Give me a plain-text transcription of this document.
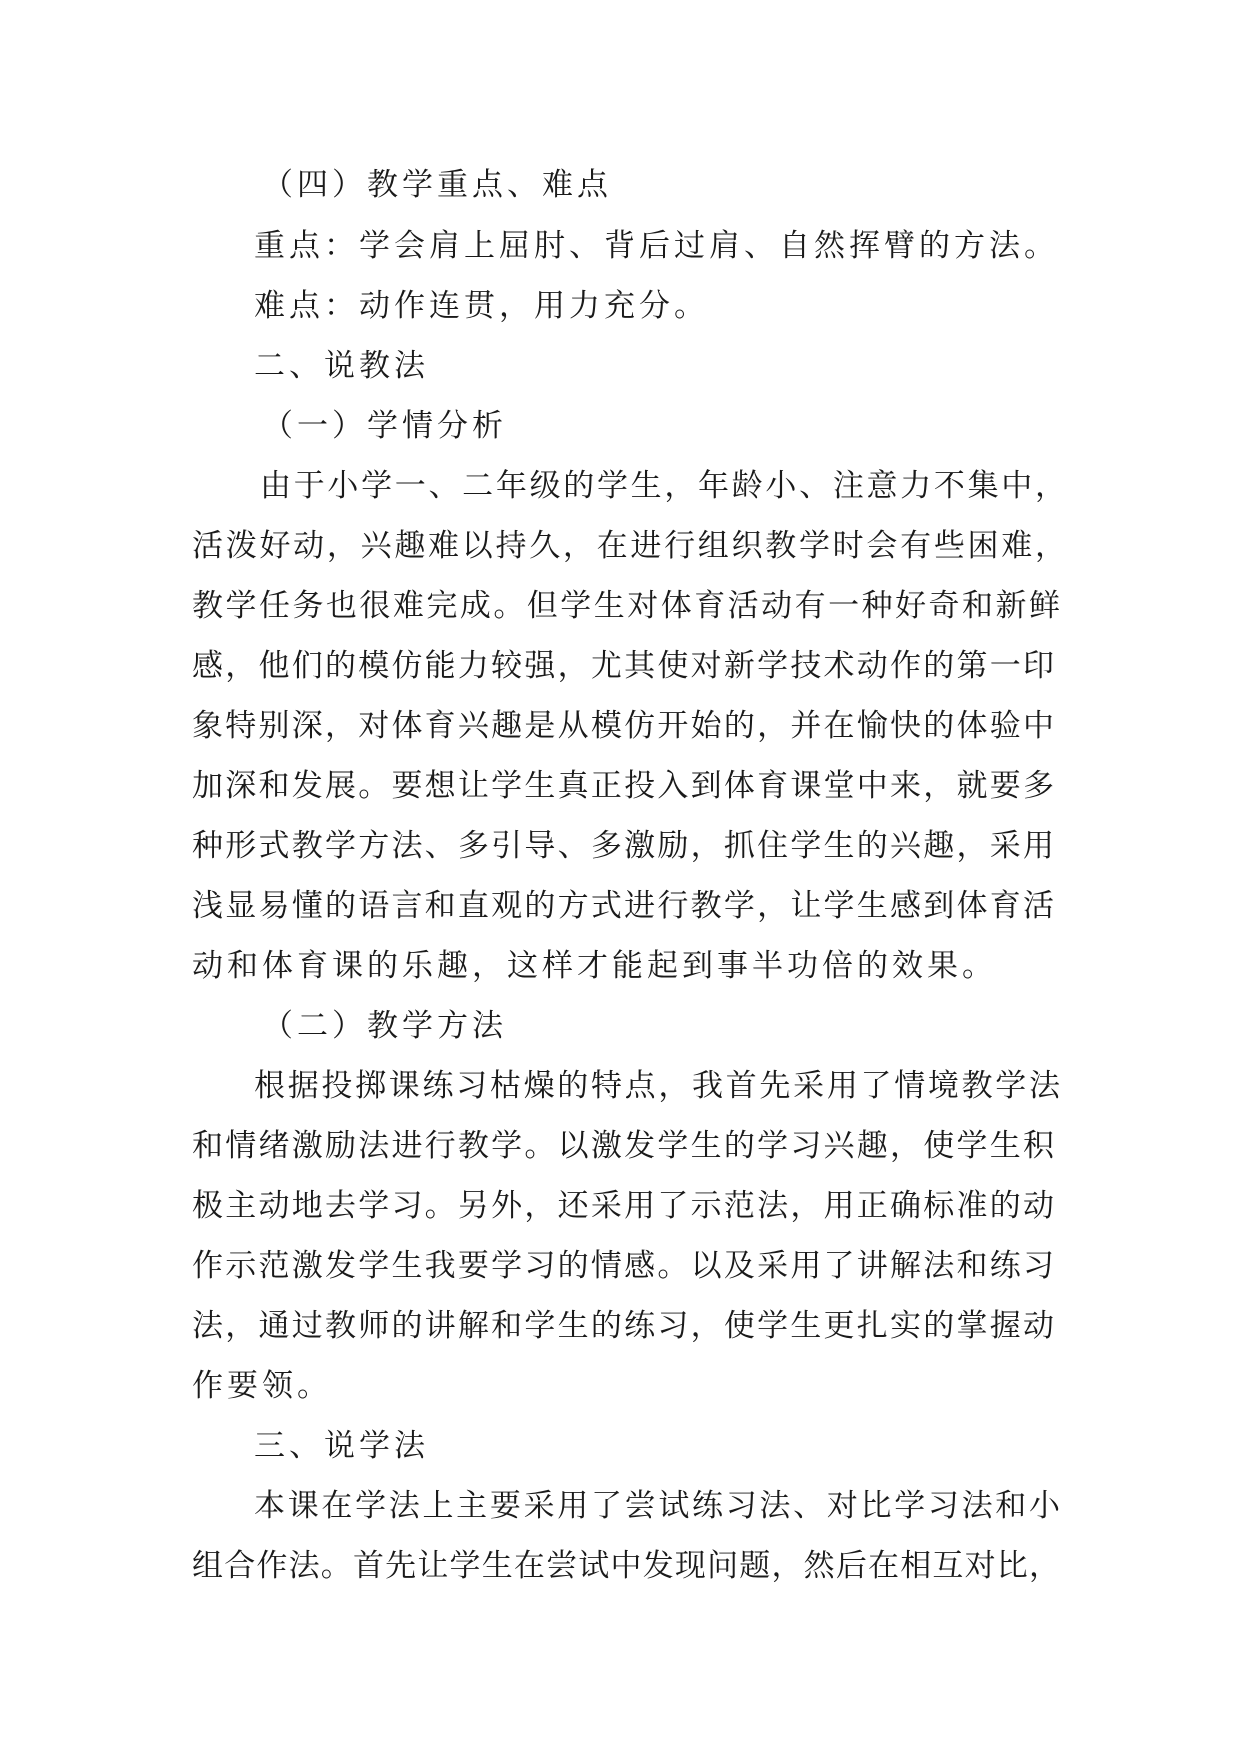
（四）教学重点、难点
重点：学会肩上屈肘、背后过肩、自然挥臂的方法。
难点：动作连贯，用力充分。
二、说教法
（一）学情分析
由于小学一、二年级的学生，年龄小、注意力不集中，
活泼好动，兴趣难以持久，在进行组织教学时会有些困难，
教学任务也很难完成。但学生对体育活动有一种好奇和新鲜
感，他们的模仿能力较强，尤其使对新学技术动作的第一印
象特别深，对体育兴趣是从模仿开始的，并在愉快的体验中
加深和发展。要想让学生真正投入到体育课堂中来，就要多
种形式教学方法、多引导、多激励，抓住学生的兴趣，采用
浅显易懂的语言和直观的方式进行教学，让学生感到体育活
动和体育课的乐趣，这样才能起到事半功倍的效果。
（二）教学方法
根据投掷课练习枯燥的特点，我首先采用了情境教学法
和情绪激励法进行教学。以激发学生的学习兴趣，使学生积
极主动地去学习。另外，还采用了示范法，用正确标准的动
作示范激发学生我要学习的情感。以及采用了讲解法和练习
法，通过教师的讲解和学生的练习，使学生更扎实的掌握动
作要领。
三、说学法
本课在学法上主要采用了尝试练习法、对比学习法和小
组合作法。首先让学生在尝试中发现问题，然后在相互对比，
